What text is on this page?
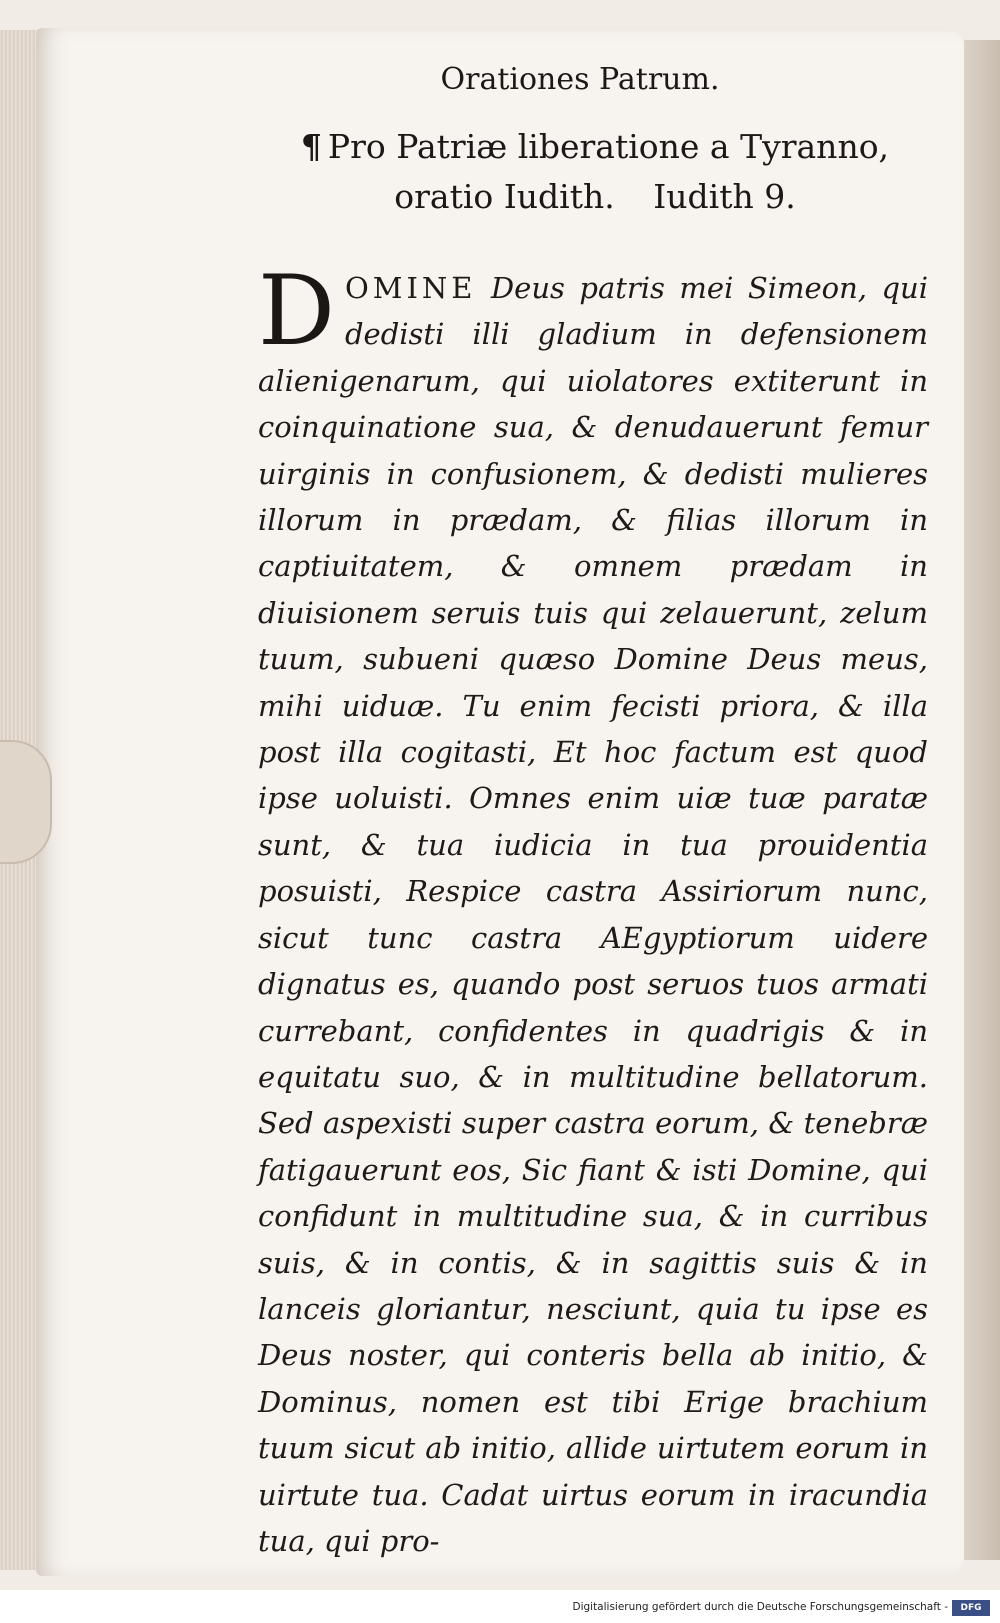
Orationes Patrum.
¶ Pro Patriæ liberatione a Tyranno,
oratio Iudith. Iudith 9.
DOMINE Deus patris mei Simeon, qui dedisti illi gladium in defensionem alienigenarum, qui uiolatores extiterunt in coinquinatione sua, & denudauerunt femur uirginis in confusionem, & dedisti mulieres illorum in prædam, & filias illorum in captiuitatem, & omnem prædam in diuisionem seruis tuis qui zelauerunt, zelum tuum, subueni quæso Domine Deus meus, mihi uiduæ. Tu enim fecisti priora, & illa post illa cogitasti, Et hoc factum est quod ipse uoluisti. Omnes enim uiæ tuæ paratæ sunt, & tua iudicia in tua prouidentia posuisti, Respice castra Assiriorum nunc, sicut tunc castra AEgyptiorum uidere dignatus es, quando post seruos tuos armati currebant, confidentes in quadrigis & in equitatu suo, & in multitudine bellatorum. Sed aspexisti super castra eorum, & tenebræ fatigauerunt eos, Sic fiant & isti Domine, qui confidunt in multitudine sua, & in curribus suis, & in contis, & in sagittis suis & in lanceis gloriantur, nesciunt, quia tu ipse es Deus noster, qui conteris bella ab initio, & Dominus, nomen est tibi Erige brachium tuum sicut ab initio, allide uirtutem eorum in uirtute tua. Cadat uirtus eorum in iracundia tua, qui pro-
Digitalisierung gefördert durch die Deutsche Forschungsgemeinschaft -	DFG
